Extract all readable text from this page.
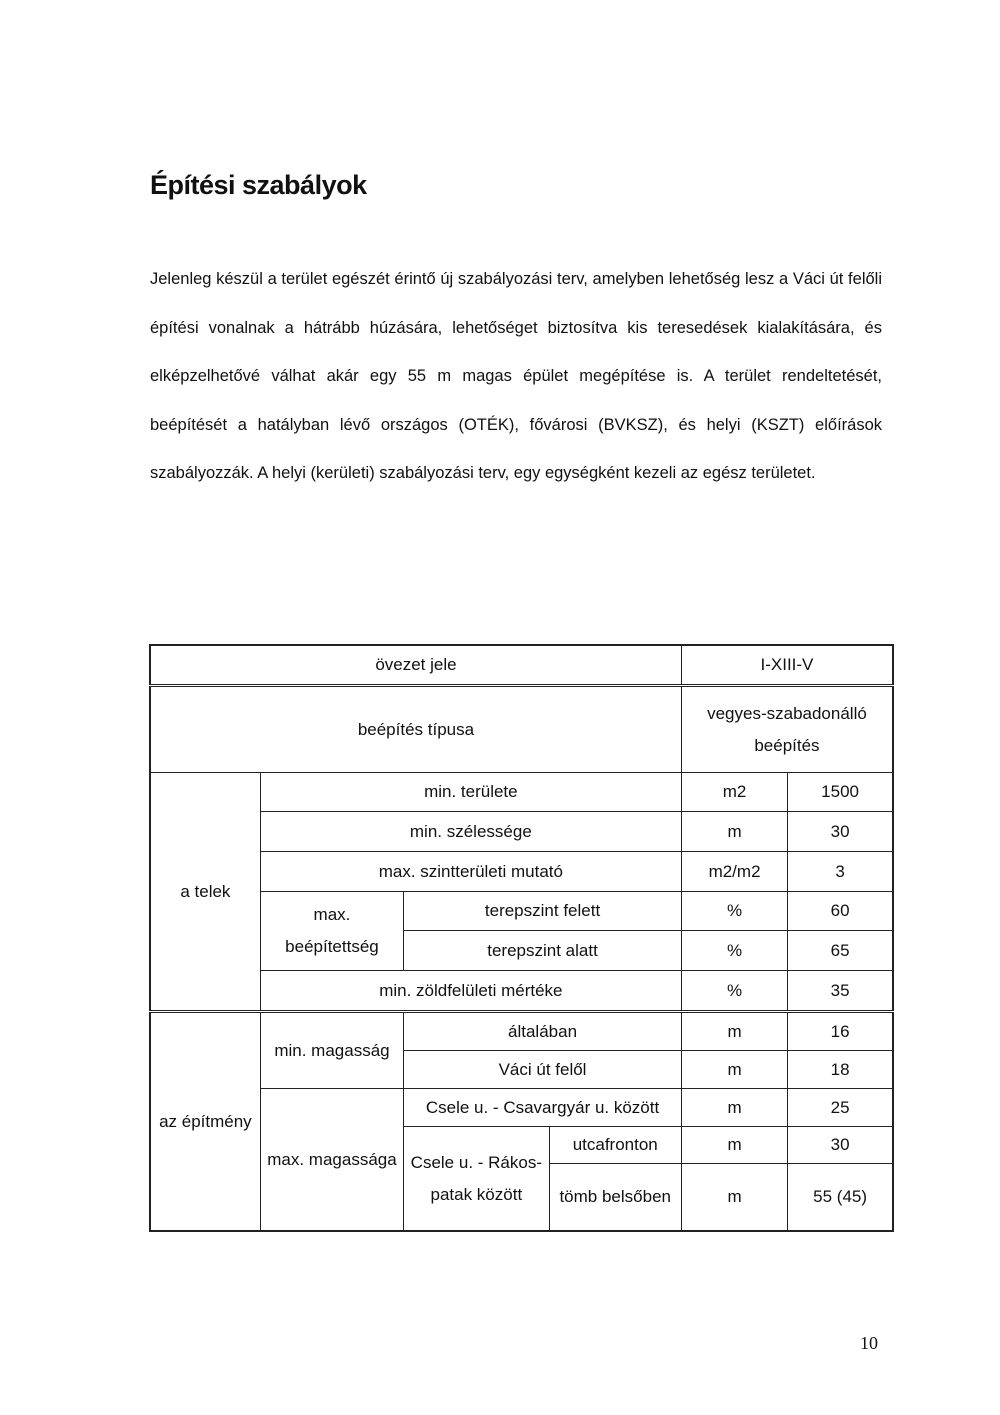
Építési szabályok

Jelenleg készül a terület egészét érintő új szabályozási terv, amelyben lehetőség lesz a Váci út felőli építési vonalnak a hátrább húzására, lehetőséget biztosítva kis teresedések kialakítására, és elképzelhetővé válhat akár egy 55 m magas épület megépítése is. A terület rendeltetését, beépítését a hatályban lévő országos (OTÉK), fővárosi (BVKSZ), és helyi (KSZT) előírások szabályozzák. A helyi (kerületi) szabályozási terv, egy egységként kezeli az egész területet.

övezet jele				I-XIII-V	
beépítés típusa				vegyes-szabadonálló beépítés	
a telek	min. területe			m2	1500
	min. szélessége			m	30
	max. szintterületi mutató			m2/m2	3
	max. beépítettség	terepszint felett		%	60
		terepszint alatt		%	65
	min. zöldfelületi mértéke			%	35
az építmény	min. magasság	általában		m	16
		Váci út felől		m	18
	max. magassága	Csele u. - Csavargyár u. között		m	25
		Csele u. - Rákos-patak között	utcafronton	m	30
			tömb belsőben	m	55 (45)

10
